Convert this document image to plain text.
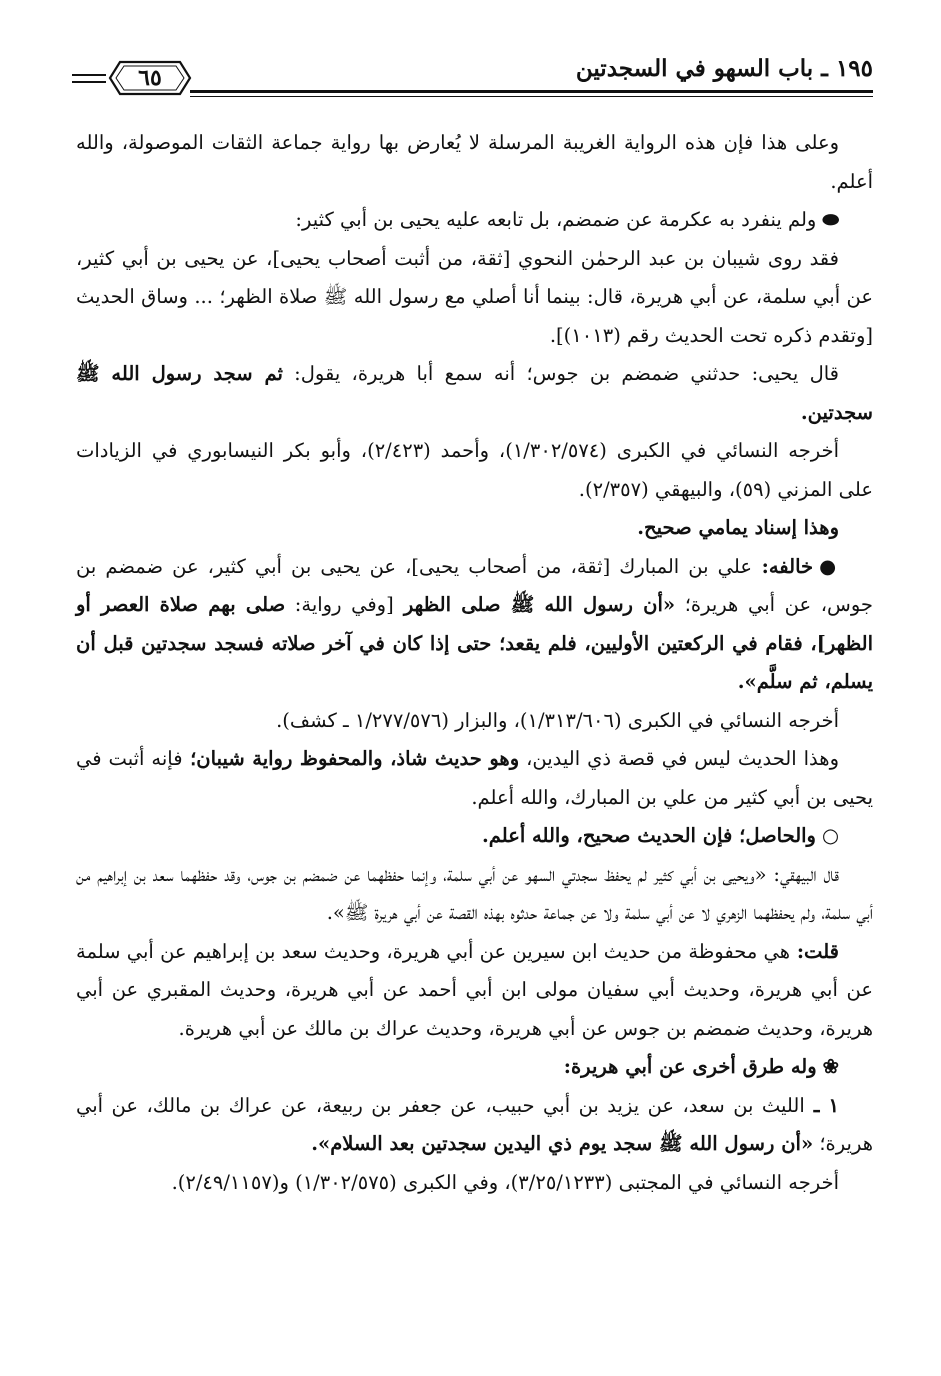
١٩٥ ـ باب السهو في السجدتين
٦٥

وعلى هذا فإن هذه الرواية الغريبة المرسلة لا يُعارض بها رواية جماعة الثقات الموصولة، والله أعلم.

⬬ولم ينفرد به عكرمة عن ضمضم، بل تابعه عليه يحيى بن أبي كثير:

فقد روى شيبان بن عبد الرحمٰن النحوي [ثقة، من أثبت أصحاب يحيى]، عن يحيى بن أبي كثير، عن أبي سلمة، عن أبي هريرة، قال: بينما أنا أصلي مع رسول الله ﷺ صلاة الظهر؛ ... وساق الحديث [وتقدم ذكره تحت الحديث رقم (١٠١٣)].

قال يحيى: حدثني ضمضم بن جوس؛ أنه سمع أبا هريرة، يقول: ثم سجد رسول الله ﷺ سجدتين.

أخرجه النسائي في الكبرى (١/٣٠٢/٥٧٤)، وأحمد (٢/٤٢٣)، وأبو بكر النيسابوري في الزيادات على المزني (٥٩)، والبيهقي (٢/٣٥٧).

وهذا إسناد يمامي صحيح.

●خالفه: علي بن المبارك [ثقة، من أصحاب يحيى]، عن يحيى بن أبي كثير، عن ضمضم بن جوس، عن أبي هريرة؛ «أن رسول الله ﷺ صلى الظهر [وفي رواية: صلى بهم صلاة العصر أو الظهر]، فقام في الركعتين الأوليين، فلم يقعد؛ حتى إذا كان في آخر صلاته فسجد سجدتين قبل أن يسلم، ثم سلَّم».

أخرجه النسائي في الكبرى (١/٣١٣/٦٠٦)، والبزار (١/٢٧٧/٥٧٦ ـ كشف).

وهذا الحديث ليس في قصة ذي اليدين، وهو حديث شاذ، والمحفوظ رواية شيبان؛ فإنه أثبت في يحيى بن أبي كثير من علي بن المبارك، والله أعلم.

○والحاصل؛ فإن الحديث صحيح، والله أعلم.

قال البيهقي: «ويحيى بن أبي كثير لم يحفظ سجدتي السهو عن أبي سلمة، وإنما حفظهما عن ضمضم بن جوس، وقد حفظهما سعد بن إبراهيم من أبي سلمة، ولم يحفظهما الزهري لا عن أبي سلمة ولا عن جماعة حدثوه بهذه القصة عن أبي هريرة ﷺ».

قلت: هي محفوظة من حديث ابن سيرين عن أبي هريرة، وحديث سعد بن إبراهيم عن أبي سلمة عن أبي هريرة، وحديث أبي سفيان مولى ابن أبي أحمد عن أبي هريرة، وحديث المقبري عن أبي هريرة، وحديث ضمضم بن جوس عن أبي هريرة، وحديث عراك بن مالك عن أبي هريرة.

❀وله طرق أخرى عن أبي هريرة:

١ ـ الليث بن سعد، عن يزيد بن أبي حبيب، عن جعفر بن ربيعة، عن عراك بن مالك، عن أبي هريرة؛ «أن رسول الله ﷺ سجد يوم ذي اليدين سجدتين بعد السلام».

أخرجه النسائي في المجتبى (٣/٢٥/١٢٣٣)، وفي الكبرى (١/٣٠٢/٥٧٥) و(٢/٤٩/١١٥٧).
